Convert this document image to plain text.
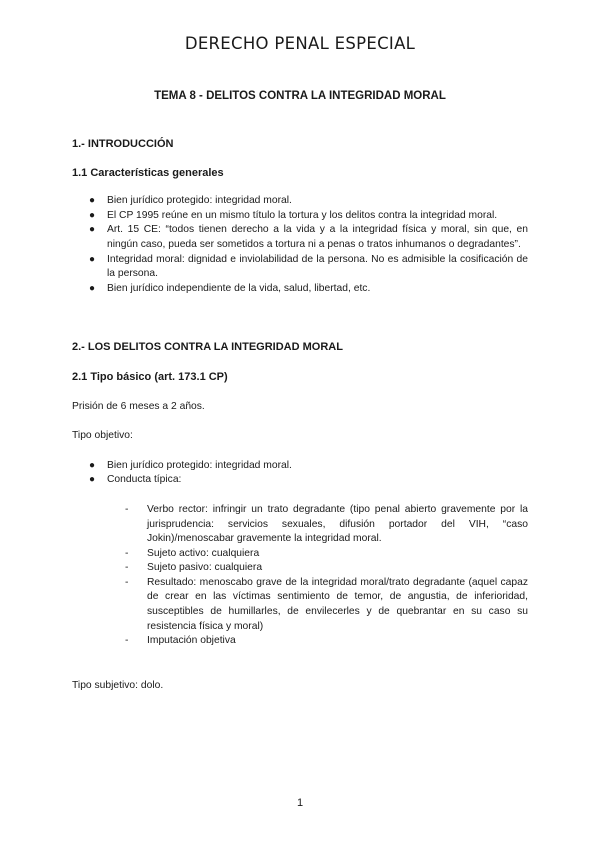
DERECHO PENAL ESPECIAL
TEMA 8 - DELITOS CONTRA LA INTEGRIDAD MORAL

1.- INTRODUCCIÓN

1.1 Características generales

● Bien jurídico protegido: integridad moral.
● El CP 1995 reúne en un mismo título la tortura y los delitos contra la integridad moral.
● Art. 15 CE: “todos tienen derecho a la vida y a la integridad física y moral, sin que, en ningún caso, pueda ser sometidos a tortura ni a penas o tratos inhumanos o degradantes”.
● Integridad moral: dignidad e inviolabilidad de la persona. No es admisible la cosificación de la persona.
● Bien jurídico independiente de la vida, salud, libertad, etc.

2.- LOS DELITOS CONTRA LA INTEGRIDAD MORAL

2.1 Tipo básico (art. 173.1 CP)

Prisión de 6 meses a 2 años.

Tipo objetivo:

● Bien jurídico protegido: integridad moral.
● Conducta típica:
- Verbo rector: infringir un trato degradante (tipo penal abierto gravemente por la jurisprudencia: servicios sexuales, difusión portador del VIH, “caso Jokin)/menoscabar gravemente la integridad moral.
- Sujeto activo: cualquiera
- Sujeto pasivo: cualquiera
- Resultado: menoscabo grave de la integridad moral/trato degradante (aquel capaz de crear en las víctimas sentimiento de temor, de angustia, de inferioridad, susceptibles de humillarles, de envilecerles y de quebrantar en su caso su resistencia física y moral)
- Imputación objetiva

Tipo subjetivo: dolo.

1
